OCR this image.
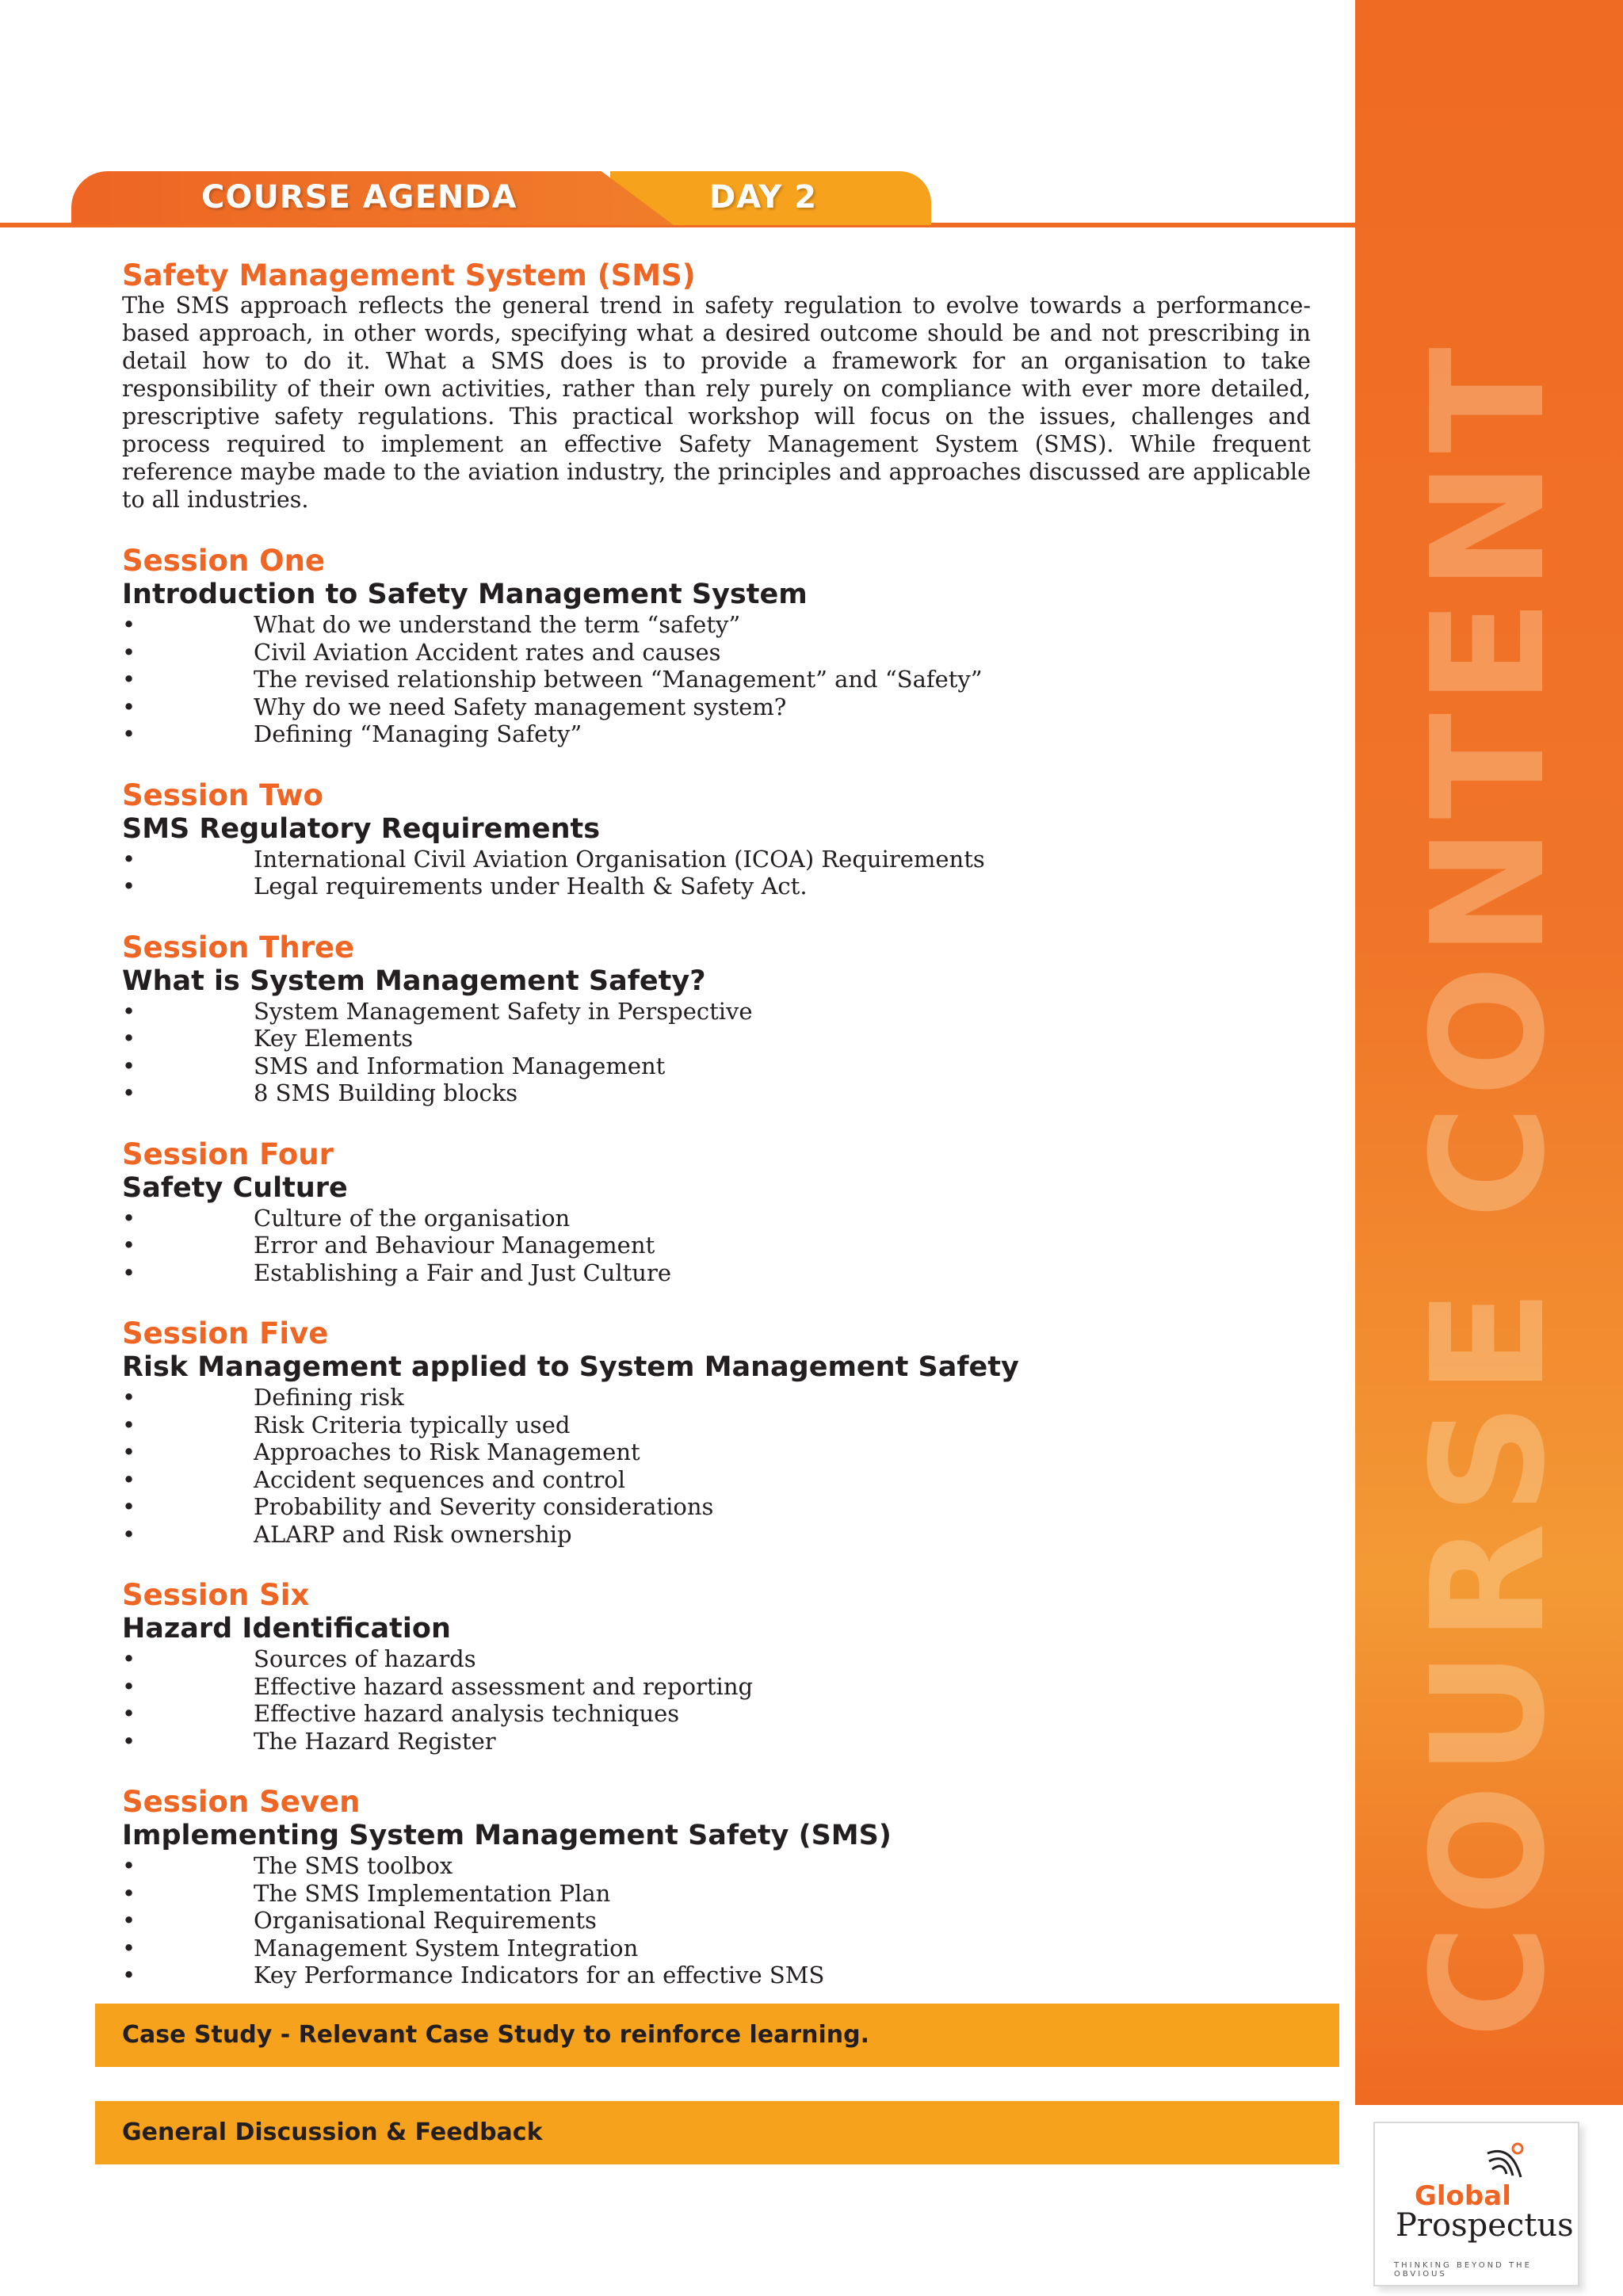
COURSE CONTENT
COURSE AGENDA	DAY 2
Safety Management System (SMS)

The SMS approach reflects the general trend in safety regulation to evolve towards a performance-based approach, in other words, specifying what a desired outcome should be and not prescribing in detail how to do it. What a SMS does is to provide a framework for an organisation to take responsibility of their own activities, rather than rely purely on compliance with ever more detailed, prescriptive safety regulations. This practical workshop will focus on the issues, challenges and process required to implement an effective Safety Management System (SMS). While frequent reference maybe made to the aviation industry, the principles and approaches discussed are applicable to all industries.

Session One
Introduction to Safety Management System
•	What do we understand the term “safety”
•	Civil Aviation Accident rates and causes
•	The revised relationship between “Management” and “Safety”
•	Why do we need Safety management system?
•	Defining “Managing Safety”
Session Two
SMS Regulatory Requirements
•	International Civil Aviation Organisation (ICOA) Requirements
•	Legal requirements under Health & Safety Act.
Session Three
What is System Management Safety?
•	System Management Safety in Perspective
•	Key Elements
•	SMS and Information Management
•	8 SMS Building blocks
Session Four
Safety Culture
•	Culture of the organisation
•	Error and Behaviour Management
•	Establishing a Fair and Just Culture
Session Five
Risk Management applied to System Management Safety
•	Defining risk
•	Risk Criteria typically used
•	Approaches to Risk Management
•	Accident sequences and control
•	Probability and Severity considerations
•	ALARP and Risk ownership
Session Six
Hazard Identification
•	Sources of hazards
•	Effective hazard assessment and reporting
•	Effective hazard analysis techniques
•	The Hazard Register
Session Seven
Implementing System Management Safety (SMS)
•	The SMS toolbox
•	The SMS Implementation Plan
•	Organisational Requirements
•	Management System Integration
•	Key Performance Indicators for an effective SMS
Case Study - Relevant Case Study to reinforce learning.
General Discussion & Feedback
Global
Prospectus
THINKING BEYOND THE OBVIOUS
